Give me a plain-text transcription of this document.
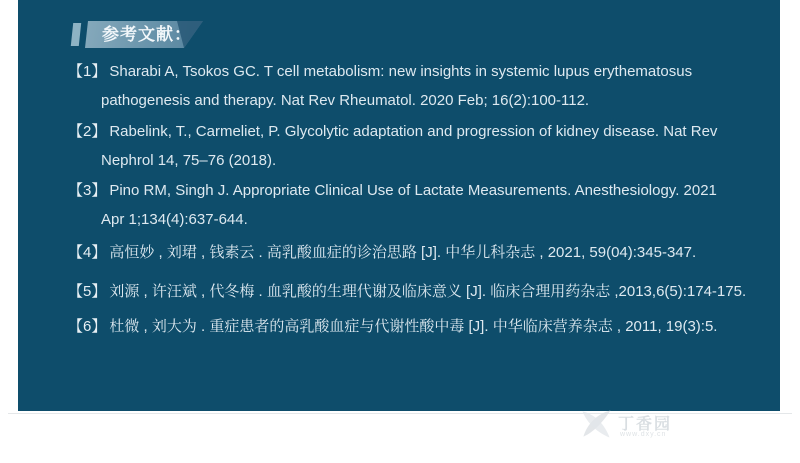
参考文献：
【1】 Sharabi A, Tsokos GC. T cell metabolism: new insights in systemic lupus erythematosus
pathogenesis and therapy. Nat Rev Rheumatol. 2020 Feb; 16(2):100-112.
【2】 Rabelink, T., Carmeliet, P. Glycolytic adaptation and progression of kidney disease. Nat Rev
Nephrol 14, 75–76 (2018).
【3】 Pino RM, Singh J. Appropriate Clinical Use of Lactate Measurements. Anesthesiology. 2021
Apr 1;134(4):637-644.
【4】 高恒妙 , 刘珺 , 钱素云 . 高乳酸血症的诊治思路 [J]. 中华儿科杂志 , 2021, 59(04):345-347.
【5】 刘源 , 许汪斌 , 代冬梅 . 血乳酸的生理代谢及临床意义 [J]. 临床合理用药杂志 ,2013,6(5):174-175.
【6】 杜微 , 刘大为 . 重症患者的高乳酸血症与代谢性酸中毒 [J]. 中华临床营养杂志 , 2011, 19(3):5.
丁香园
www.dxy.cn
